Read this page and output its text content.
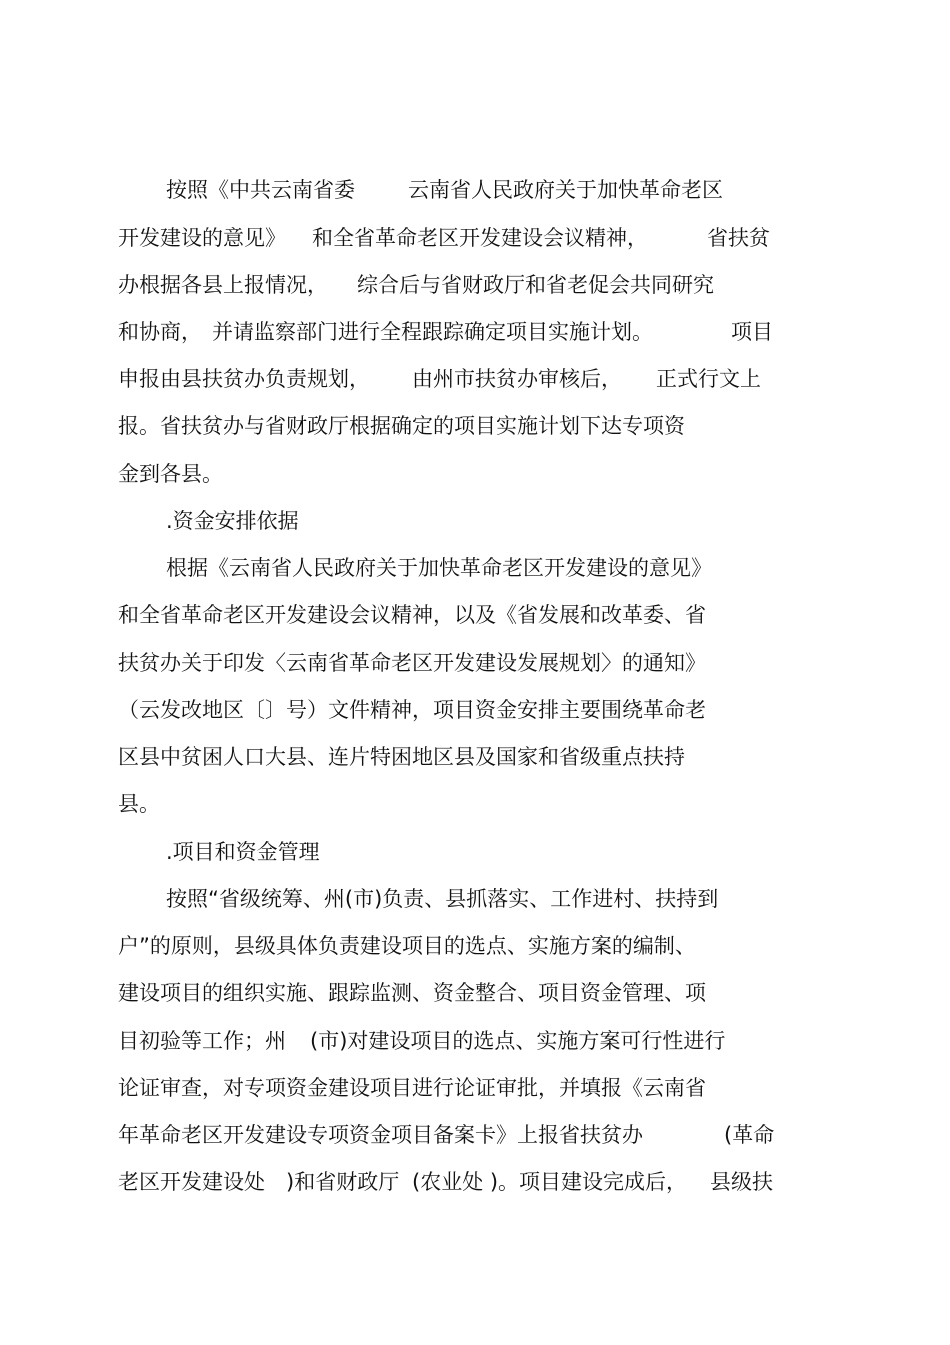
按照《中共云南省委	云南省人民政府关于加快革命老区
开发建设的意见》 和全省革命老区开发建设会议精神，	省扶贫
办根据各县上报情况， 综合后与省财政厅和省老促会共同研究
和协商， 并请监察部门进行全程跟踪确定项目实施计划。	项目
申报由县扶贫办负责规划， 由州市扶贫办审核后， 正式行文上
报。省扶贫办与省财政厅根据确定的项目实施计划下达专项资
金到各县。
.资金安排依据
根据《云南省人民政府关于加快革命老区开发建设的意见》
和全省革命老区开发建设会议精神，以及《省发展和改革委、省
扶贫办关于印发〈云南省革命老区开发建设发展规划〉的通知》
（云发改地区〔〕号）文件精神，项目资金安排主要围绕革命老
区县中贫困人口大县、连片特困地区县及国家和省级重点扶持
县。
.项目和资金管理
按照“省级统筹、州(市)负责、县抓落实、工作进村、扶持到
户”的原则，县级具体负责建设项目的选点、实施方案的编制、
建设项目的组织实施、跟踪监测、资金整合、项目资金管理、项
目初验等工作；州 (市)对建设项目的选点、实施方案可行性进行
论证审查，对专项资金建设项目进行论证审批，并填报《云南省
年革命老区开发建设专项资金项目备案卡》上报省扶贫办	(革命
老区开发建设处 )和省财政厅 (农业处 )。项目建设完成后， 县级扶
